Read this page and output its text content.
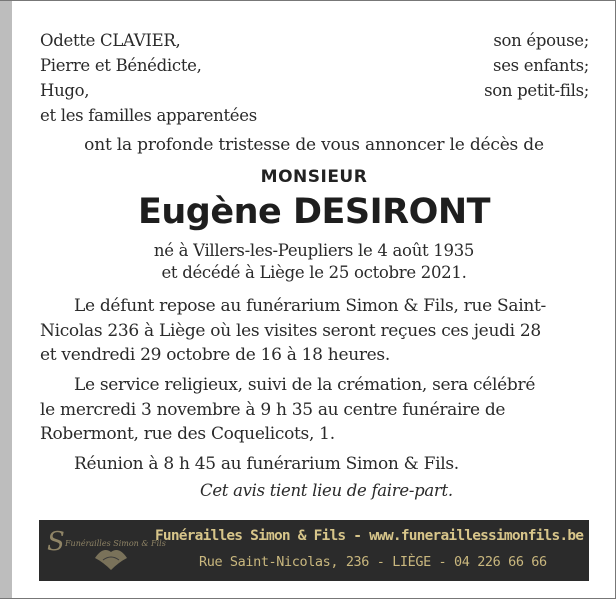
Odette CLAVIER,	son épouse;
Pierre et Bénédicte,	ses enfants;
Hugo,	son petit-fils;
et les familles apparentées
ont la profonde tristesse de vous annoncer le décès de
MONSIEUR
Eugène DESIRONT
né à Villers-les-Peupliers le 4 août 1935
et décédé à Liège le 25 octobre 2021.
Le défunt repose au funérarium Simon & Fils, rue Saint-
Nicolas 236 à Liège où les visites seront reçues ces jeudi 28
et vendredi 29 octobre de 16 à 18 heures.
Le service religieux, suivi de la crémation, sera célébré
le mercredi 3 novembre à 9 h 35 au centre funéraire de
Robermont, rue des Coquelicots, 1.
Réunion à 8 h 45 au funérarium Simon & Fils.
Cet avis tient lieu de faire-part.
S Funérailles Simon & Fils
Funérailles Simon & Fils - www.funeraillessimonfils.be
Rue Saint-Nicolas, 236 - LIÈGE - 04 226 66 66
